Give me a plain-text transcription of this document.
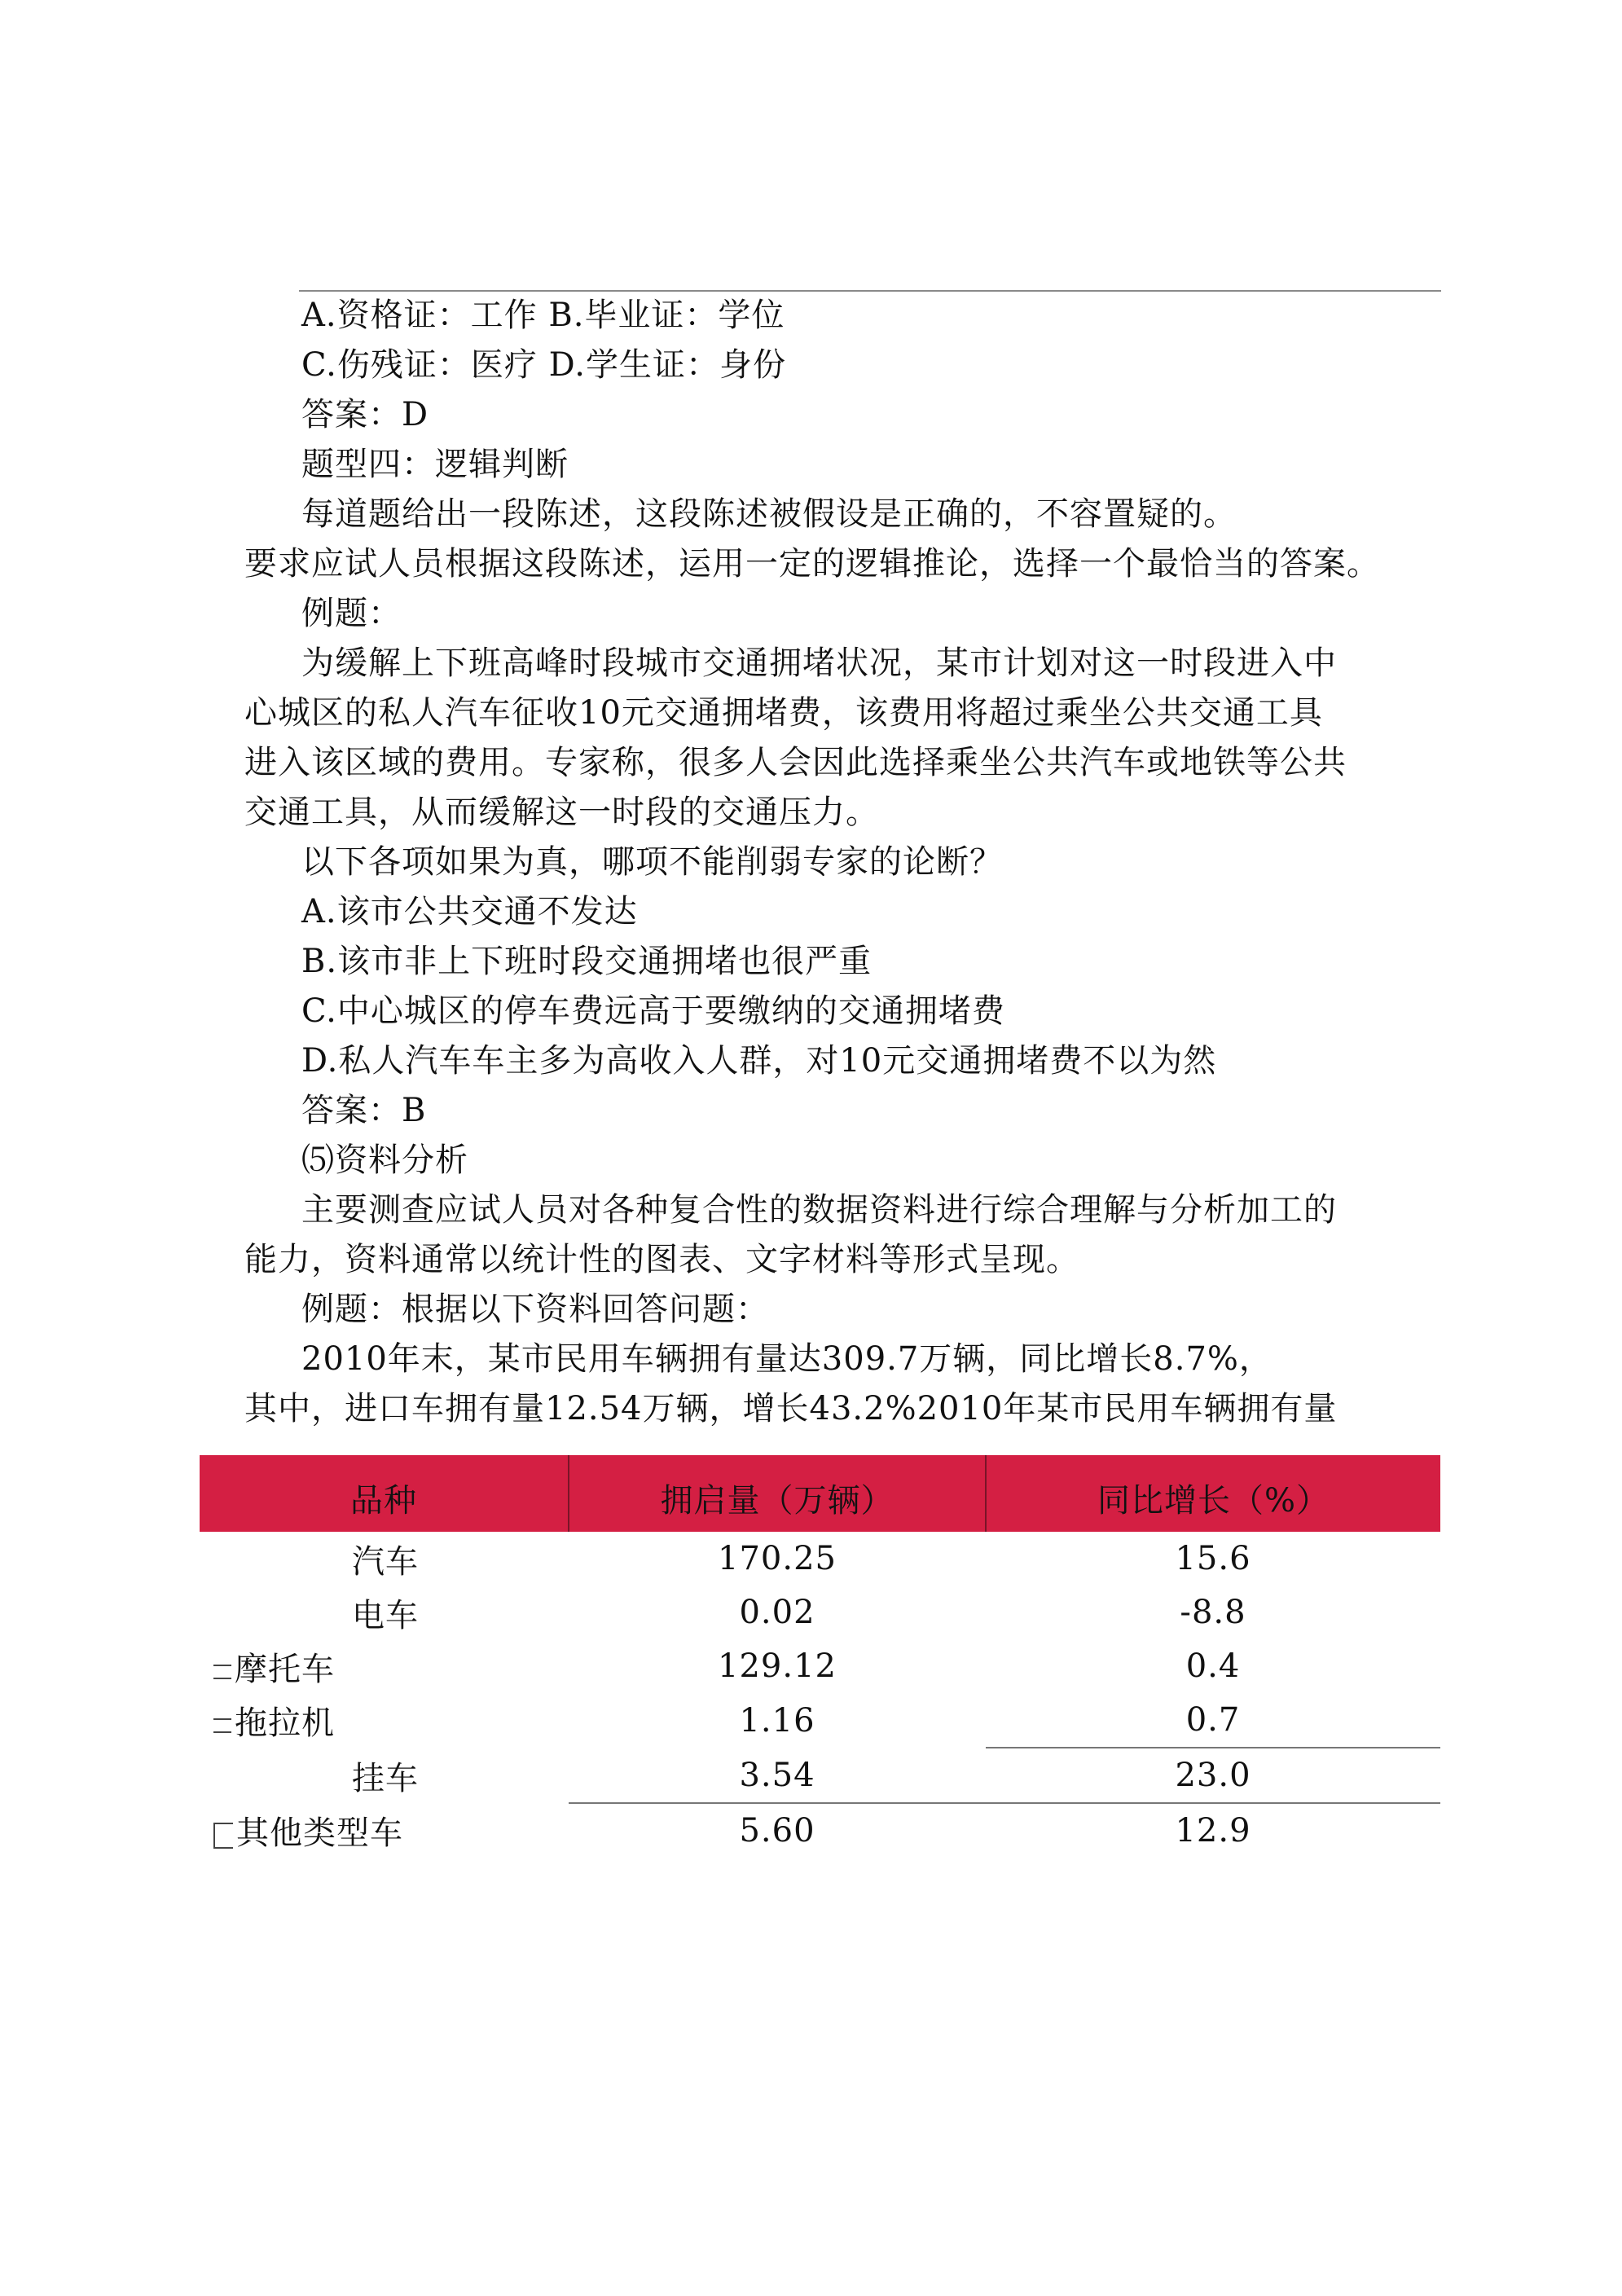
A.资格证：工作 B.毕业证：学位
C.伤残证：医疗 D.学生证：身份
答案：D
题型四：逻辑判断
每道题给出一段陈述，这段陈述被假设是正确的，不容置疑的。
要求应试人员根据这段陈述，运用一定的逻辑推论，选择一个最恰当的答案。
例题：
为缓解上下班高峰时段城市交通拥堵状况，某市计划对这一时段进入中
心城区的私人汽车征收10元交通拥堵费，该费用将超过乘坐公共交通工具
进入该区域的费用。专家称，很多人会因此选择乘坐公共汽车或地铁等公共
交通工具，从而缓解这一时段的交通压力。
以下各项如果为真，哪项不能削弱专家的论断？
A.该市公共交通不发达
B.该市非上下班时段交通拥堵也很严重
C.中心城区的停车费远高于要缴纳的交通拥堵费
D.私人汽车车主多为高收入人群，对10元交通拥堵费不以为然
答案：B
⑸资料分析
主要测查应试人员对各种复合性的数据资料进行综合理解与分析加工的
能力，资料通常以统计性的图表、文字材料等形式呈现。
例题：根据以下资料回答问题：
2010年末，某市民用车辆拥有量达309.7万辆，同比增长8.7%，
其中，进口车拥有量12.54万辆，增长43.2%2010年某市民用车辆拥有量
品种	拥启量（万辆）	同比增长（%）
汽车	170.25	15.6
电车	0.02	-8.8
摩托车	129.12	0.4
拖拉机	1.16	0.7
挂车	3.54	23.0
其他类型车	5.60	12.9
